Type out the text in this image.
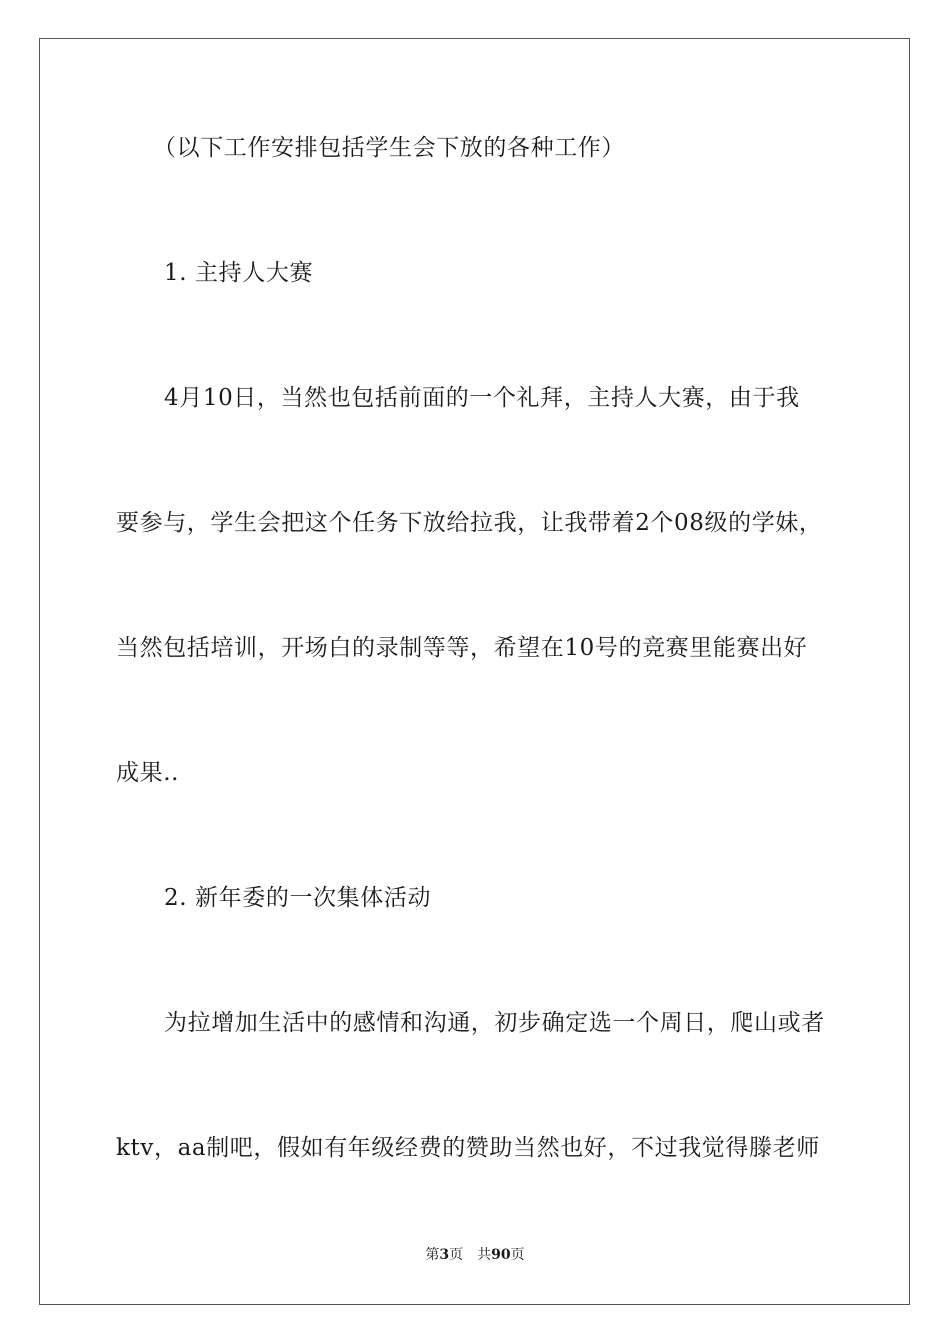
（以下工作安排包括学生会下放的各种工作）
1. 主持人大赛
4月10日，当然也包括前面的一个礼拜，主持人大赛，由于我
要参与，学生会把这个任务下放给拉我，让我带着2个08级的学妹，
当然包括培训，开场白的录制等等，希望在10号的竞赛里能赛出好
成果..
2. 新年委的一次集体活动
为拉增加生活中的感情和沟通，初步确定选一个周日，爬山或者
ktv，aa制吧，假如有年级经费的赞助当然也好，不过我觉得滕老师
第3页 共90页
